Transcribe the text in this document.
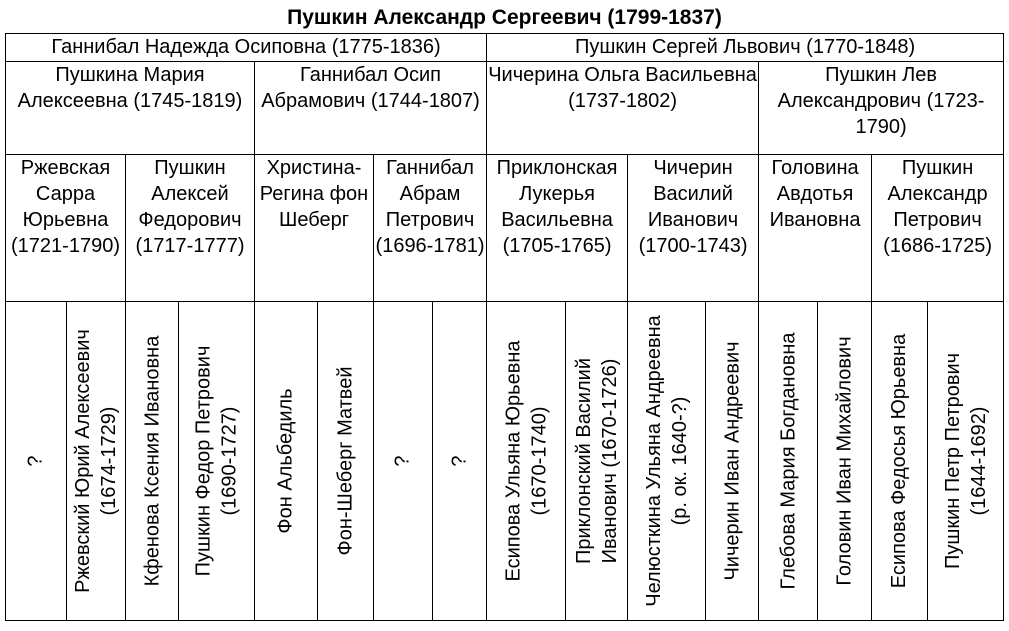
Пушкин Александр Сергеевич (1799-1837)
Ганнибал Надежда Осиповна (1775-1836)								Пушкин Сергей Львович (1770-1848)							
Пушкина Мария Алексеевна (1745-1819)				Ганнибал Осип Абрамович (1744-1807)				Чичерина Ольга Васильевна (1737-1802)				Пушкин Лев Александрович (1723-1790)			
Ржевская Сарра Юрьевна (1721-1790)		Пушкин Алексей Федорович (1717-1777)		Христина-Регина фон Шеберг		Ганнибал Абрам Петрович (1696-1781)		Приклонская Лукерья Васильевна (1705-1765)		Чичерин Василий Иванович (1700-1743)		Головина Авдотья Ивановна		Пушкин Александр Петрович (1686-1725)	

?	Ржевский Юрий Алексеевич (1674-1729)	Кфенова Ксения Ивановна	Пушкин Федор Петрович (1690-1727)	Фон Альбедиль	Фон-Шеберг Матвей	?	?	Есипова Ульяна Юрьевна (1670-1740)	Приклонский Василий Иванович (1670-1726)	Челюсткина Ульяна Андреевна (р. ок. 1640-?)	Чичерин Иван Андреевич	Глебова Мария Богдановна	Головин Иван Михайлович	Есипова Федосья Юрьевна	Пушкин Петр Петрович (1644-1692)
